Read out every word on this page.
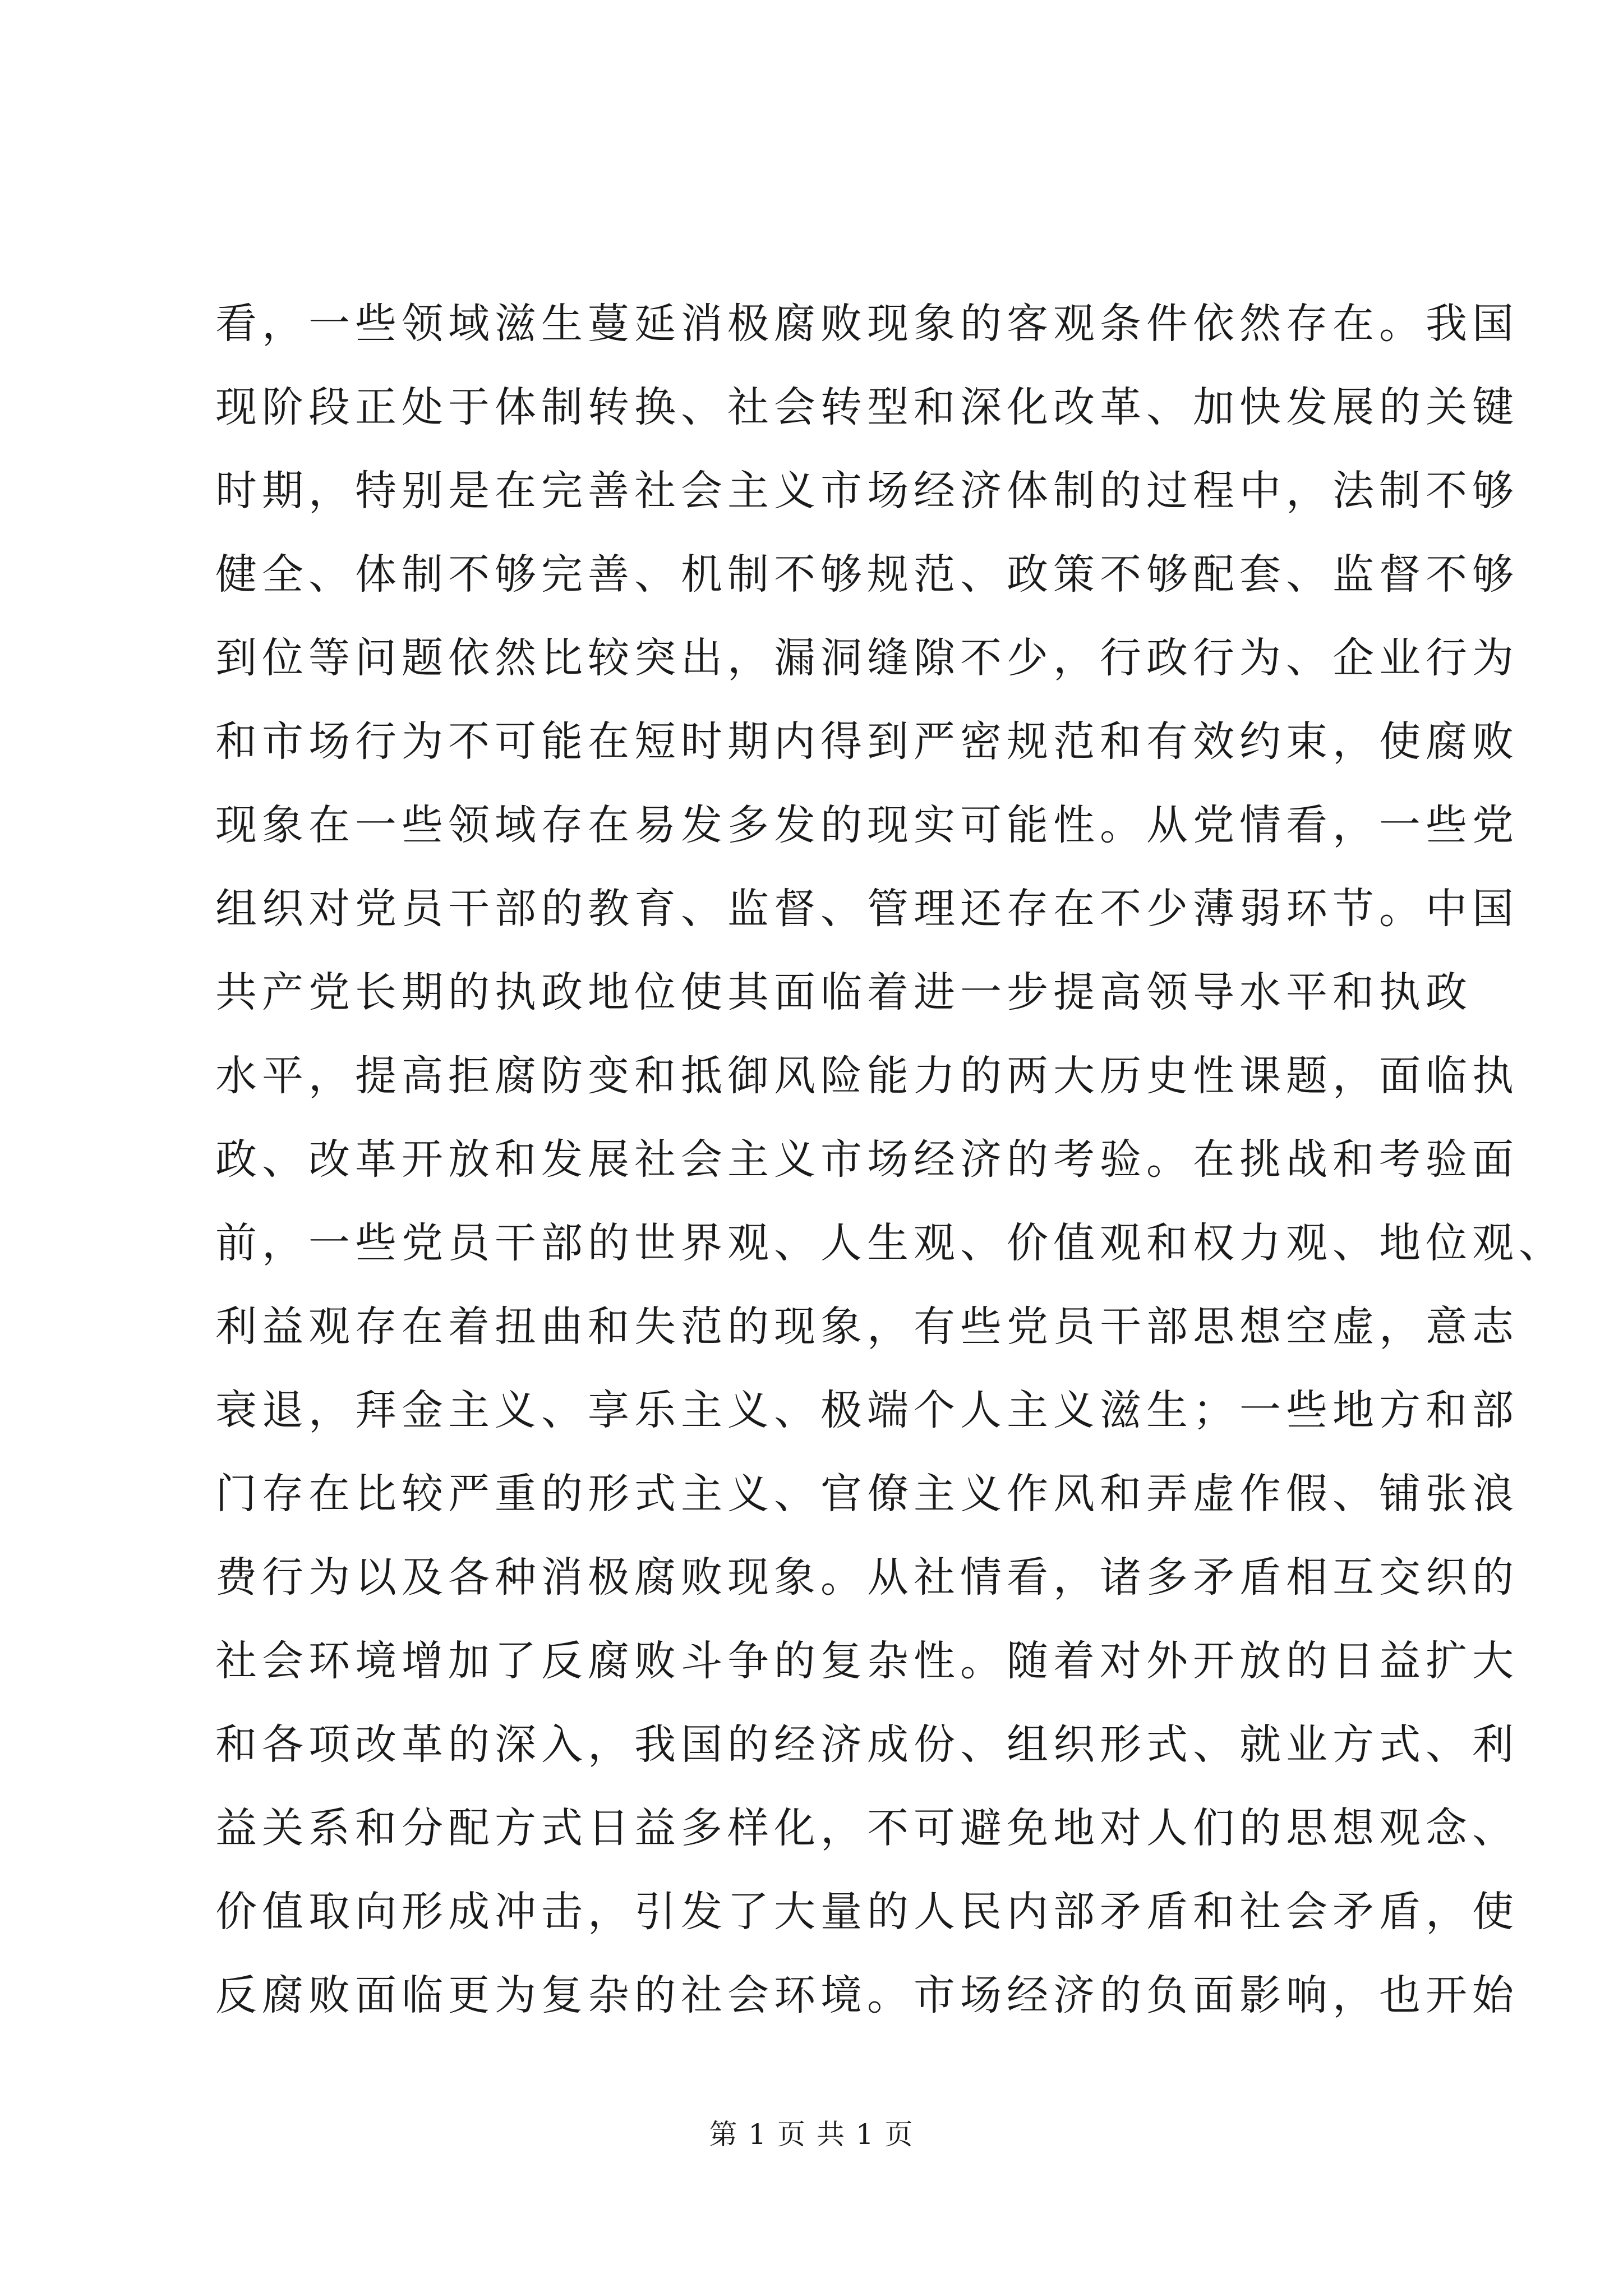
看，一些领域滋生蔓延消极腐败现象的客观条件依然存在。我国
现阶段正处于体制转换、社会转型和深化改革、加快发展的关键
时期，特别是在完善社会主义市场经济体制的过程中，法制不够
健全、体制不够完善、机制不够规范、政策不够配套、监督不够
到位等问题依然比较突出，漏洞缝隙不少，行政行为、企业行为
和市场行为不可能在短时期内得到严密规范和有效约束，使腐败
现象在一些领域存在易发多发的现实可能性。从党情看，一些党
组织对党员干部的教育、监督、管理还存在不少薄弱环节。中国
共产党长期的执政地位使其面临着进一步提高领导水平和执政
水平，提高拒腐防变和抵御风险能力的两大历史性课题，面临执
政、改革开放和发展社会主义市场经济的考验。在挑战和考验面
前，一些党员干部的世界观、人生观、价值观和权力观、地位观、
利益观存在着扭曲和失范的现象，有些党员干部思想空虚，意志
衰退，拜金主义、享乐主义、极端个人主义滋生；一些地方和部
门存在比较严重的形式主义、官僚主义作风和弄虚作假、铺张浪
费行为以及各种消极腐败现象。从社情看，诸多矛盾相互交织的
社会环境增加了反腐败斗争的复杂性。随着对外开放的日益扩大
和各项改革的深入，我国的经济成份、组织形式、就业方式、利
益关系和分配方式日益多样化，不可避免地对人们的思想观念、
价值取向形成冲击，引发了大量的人民内部矛盾和社会矛盾，使
反腐败面临更为复杂的社会环境。市场经济的负面影响，也开始
第 1 页 共 1 页
